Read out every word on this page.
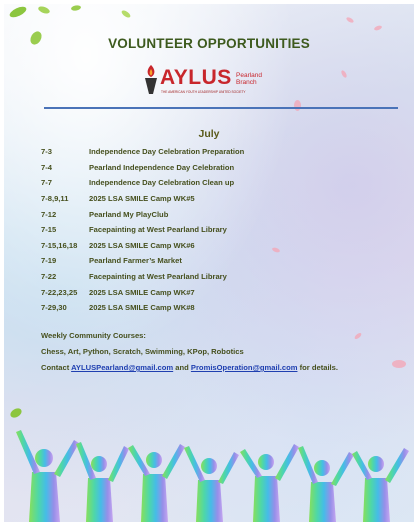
VOLUNTEER OPPORTUNITIES
AYLUS Pearland Branch
THE AMERICAN YOUTH LEADERSHIP UNITED SOCIETY
July
7-3	Independence Day Celebration Preparation
7-4	Pearland Independence Day Celebration
7-7	Independence Day Celebration Clean up
7-8,9,11	2025 LSA SMILE Camp WK#5
7-12	Pearland My PlayClub
7-15	Facepainting at West Pearland Library
7-15,16,18	2025 LSA SMILE Camp WK#6
7-19	Pearland Farmer’s Market
7-22	Facepainting at West Pearland Library
7-22,23,25	2025 LSA SMILE Camp WK#7
7-29,30	2025 LSA SMILE Camp WK#8
Weekly Community Courses:
Chess, Art, Python, Scratch, Swimming, KPop, Robotics
Contact AYLUSPearland@gmail.com and PromisOperation@gmail.com for details.
